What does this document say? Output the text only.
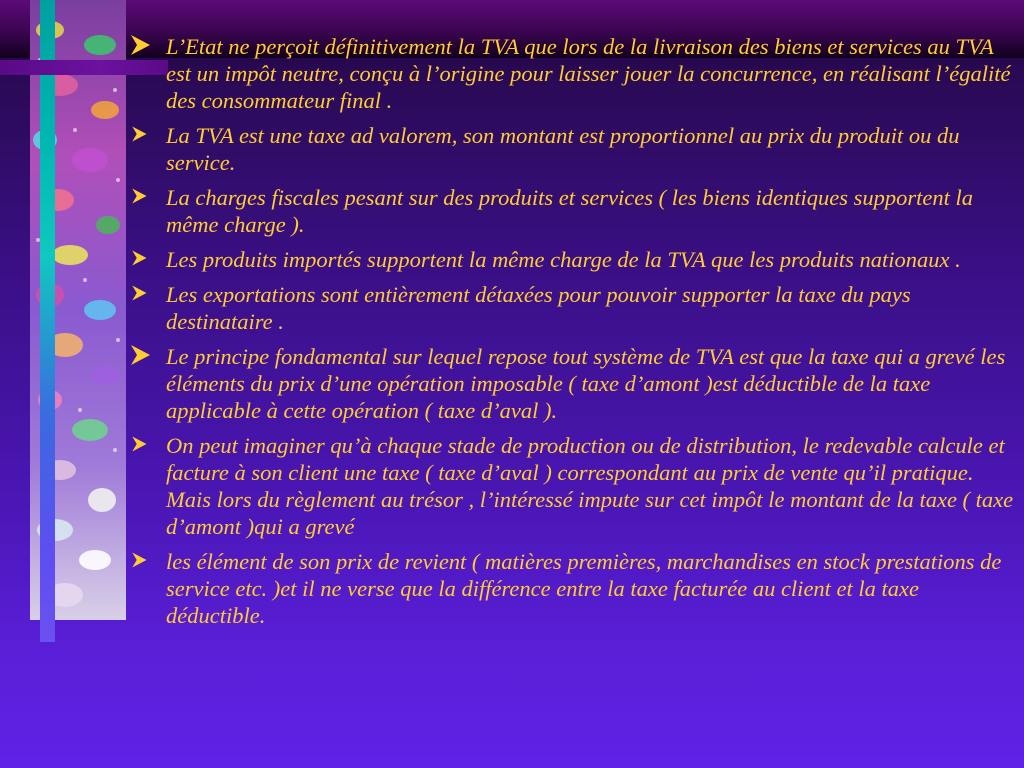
L’Etat ne perçoit définitivement la TVA que lors de la livraison des biens et services au TVA est un impôt neutre, conçu à l’origine pour laisser jouer la concurrence, en réalisant l’égalité des consommateur final .
La TVA est une taxe ad valorem, son montant est proportionnel au prix du produit ou du service.
La charges fiscales pesant sur des produits et services ( les biens identiques supportent la même charge ).
Les produits importés supportent la même charge de la TVA que les produits nationaux .
Les exportations sont entièrement détaxées pour pouvoir supporter la taxe du pays destinataire .
Le principe fondamental sur lequel repose tout système de TVA est que la taxe qui a grevé les éléments du prix d’une opération imposable ( taxe d’amont )est déductible de la taxe applicable à cette opération ( taxe d’aval ).
On peut imaginer qu’à chaque stade de production ou de distribution, le redevable calcule et facture à son client une taxe ( taxe d’aval ) correspondant au prix de vente qu’il pratique. Mais lors du règlement au trésor , l’intéressé impute sur cet impôt le montant de la taxe ( taxe d’amont )qui a grevé
les élément de son prix de revient ( matières premières, marchandises en stock prestations de service etc. )et il ne verse que la différence entre la taxe facturée au client et la taxe déductible.
